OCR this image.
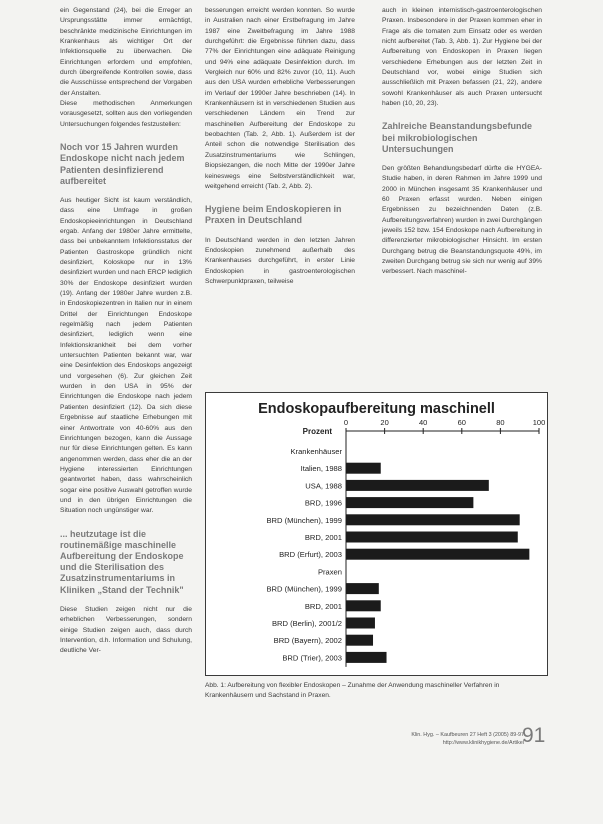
ein Gegenstand (24), bei die Erreger an Ursprungsstätte immer ermächtigt, beschränkte medizinische Einrichtungen im Krankenhaus als wichtiger Ort der Infektionsquelle zu überwachen. Die Einrichtungen erfordern und empfohlen, durch übergreifende Kontrollen sowie, dass die Ausschüsse entsprechend der Vorgaben der Anstalten.

Diese methodischen Anmerkungen vorausgesetzt, sollten aus den vorliegenden Untersuchungen folgendes festzustellen:

Noch vor 15 Jahren wurden Endoskope nicht nach jedem Patienten desinfizierend aufbereitet

Aus heutiger Sicht ist kaum verständlich, dass eine Umfrage in großen Endoskopieeinrichtungen in Deutschland ergab. Anfang der 1980er Jahre ermittelte, dass bei unbekanntem Infektionsstatus der Patienten Gastroskope gründlich nicht desinfiziert, Koloskope nur in 13% desinfiziert wurden und nach ERCP lediglich 30% der Endoskope desinfiziert wurden (19). Anfang der 1980er Jahre wurden z.B. in Endoskopiezentren in Italien nur in einem Drittel der Einrichtungen Endoskope regelmäßig nach jedem Patienten desinfiziert, lediglich wenn eine Infektionskrankheit bei dem vorher untersuchten Patienten bekannt war, war eine Desinfektion des Endoskops angezeigt und vorgesehen (6). Zur gleichen Zeit wurden in den USA in 95% der Einrichtungen die Endoskope nach jedem Patienten desinfiziert (12). Da sich diese Ergebnisse auf staatliche Erhebungen mit einer Antwortrate von 40-60% aus den Einrichtungen bezogen, kann die Aussage nur für diese Einrichtungen gelten. Es kann angenommen werden, dass eher die an der Hygiene interessierten Einrichtungen geantwortet haben, dass wahrscheinlich sogar eine positive Auswahl getroffen wurde und in den übrigen Einrichtungen die Situation noch ungünstiger war.

... heutzutage ist die routinemäßige maschinelle Aufbereitung der Endoskope und die Sterilisation des Zusatzinstrumentariums in Kliniken „Stand der Technik"

Diese Studien zeigen nicht nur die erheblichen Verbesserungen, sondern einige Studien zeigen auch, dass durch Intervention, d.h. Information und Schulung, deutliche Ver-

besserungen erreicht werden konnten. So wurde in Australien nach einer Erstbefragung im Jahre 1987 eine Zweitbefragung im Jahre 1988 durchgeführt: die Ergebnisse führten dazu, dass 77% der Einrichtungen eine adäquate Reinigung und 94% eine adäquate Desinfektion durch. Im Vergleich nur 60% und 82% zuvor (10, 11). Auch aus den USA wurden erhebliche Verbesserungen im Verlauf der 1990er Jahre beschrieben (14). In Krankenhäusern ist in verschiedenen Studien aus verschiedenen Ländern ein Trend zur maschinellen Aufbereitung der Endoskope zu beobachten (Tab. 2, Abb. 1). Außerdem ist der Anteil schon die notwendige Sterilisation des Zusatzinstrumentariums wie Schlingen, Biopsiezangen, die noch Mitte der 1990er Jahre keineswegs eine Selbstverständlichkeit war, weitgehend erreicht (Tab. 2, Abb. 2).

Hygiene beim Endoskopieren in Praxen in Deutschland

In Deutschland werden in den letzten Jahren Endoskopien zunehmend außerhalb des Krankenhauses durchgeführt, in erster Linie Endoskopien in gastroenterologischen Schwerpunktpraxen, teilweise

auch in kleinen internistisch-gastroenterologischen Praxen. Insbesondere in der Praxen kommen eher in Frage als die tomaten zum Einsatz oder es werden nicht aufbereitet (Tab. 3, Abb. 1). Zur Hygiene bei der Aufbereitung von Endoskopen in Praxen liegen verschiedene Erhebungen aus der letzten Zeit in Deutschland vor, wobei einige Studien sich ausschließlich mit Praxen befassen (21, 22), andere sowohl Krankenhäuser als auch Praxen untersucht haben (10, 20, 23).

Zahlreiche Beanstandungsbefunde bei mikrobiologischen Untersuchungen

Den größten Behandlungsbedarf dürfte die HYGEA-Studie haben, in deren Rahmen im Jahre 1999 und 2000 in München insgesamt 35 Krankenhäuser und 60 Praxen erfasst wurden. Neben einigen Ergebnissen zu bezeichnenden Daten (z.B. Aufbereitungsverfahren) wurden in zwei Durchgängen jeweils 152 bzw. 154 Endoskope nach Aufbereitung in differenzierter mikrobiologischer Hinsicht. Im ersten Durchgang betrug die Beanstandungsquote 49%, im zweiten Durchgang betrug sie sich nur wenig auf 39% verbessert. Nach maschinel-

Endoskopaufbereitung maschinell
Prozent
0	20	40	60	80	100
Krankenhäuser
Italien, 1988
USA, 1988
BRD, 1996
BRD (München), 1999
BRD, 2001
BRD (Erfurt), 2003
Praxen
BRD (München), 1999
BRD, 2001
BRD (Berlin), 2001/2
BRD (Bayern), 2002
BRD (Trier), 2003
Abb. 1: Aufbereitung von flexibler Endoskopen – Zunahme der Anwendung maschineller Verfahren in Krankenhäusern und Sachstand in Praxen.
Klin. Hyg. – Kaufbeuren 27 Heft 3 (2005) 89-97
http://www.klinikhygiene.de/Artikel
91
